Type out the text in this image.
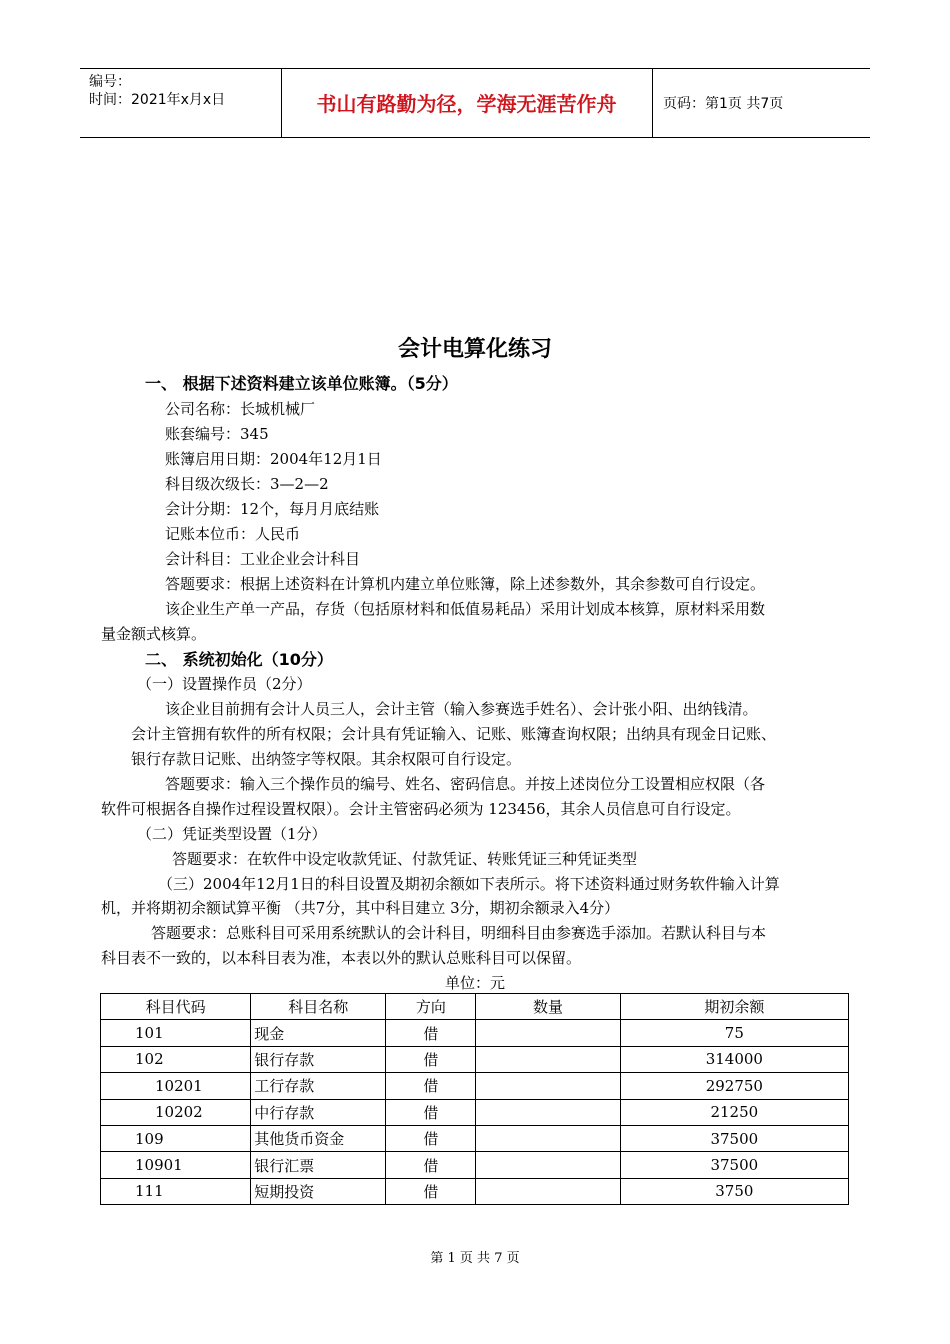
编号：
时间：2021年x月x日	书山有路勤为径，学海无涯苦作舟	页码：第1页 共7页
会计电算化练习
一、 根据下述资料建立该单位账簿。（5分）
公司名称：长城机械厂
账套编号：345
账簿启用日期：2004年12月1日
科目级次级长：3—2—2
会计分期：12个，每月月底结账
记账本位币：人民币
会计科目：工业企业会计科目
答题要求：根据上述资料在计算机内建立单位账簿，除上述参数外，其余参数可自行设定。
该企业生产单一产品，存货（包括原材料和低值易耗品）采用计划成本核算，原材料采用数
量金额式核算。
二、 系统初始化（10分）
（一）设置操作员（2分）
该企业目前拥有会计人员三人，会计主管（输入参赛选手姓名）、会计张小阳、出纳钱清。
会计主管拥有软件的所有权限；会计具有凭证输入、记账、账簿查询权限；出纳具有现金日记账、
银行存款日记账、出纳签字等权限。其余权限可自行设定。
答题要求：输入三个操作员的编号、姓名、密码信息。并按上述岗位分工设置相应权限（各
软件可根据各自操作过程设置权限）。会计主管密码必须为 123456，其余人员信息可自行设定。
（二）凭证类型设置（1分）
答题要求：在软件中设定收款凭证、付款凭证、转账凭证三种凭证类型
（三）2004年12月1日的科目设置及期初余额如下表所示。将下述资料通过财务软件输入计算
机，并将期初余额试算平衡 （共7分，其中科目建立 3分，期初余额录入4分）
答题要求：总账科目可采用系统默认的会计科目，明细科目由参赛选手添加。若默认科目与本
科目表不一致的，以本科目表为准，本表以外的默认总账科目可以保留。
单位：元
科目代码	科目名称	方向	数量	期初余额
101	现金	借		75
102	银行存款	借		314000
10201	工行存款	借		292750
10202	中行存款	借		21250
109	其他货币资金	借		37500
10901	银行汇票	借		37500
111	短期投资	借		3750
第 1 页 共 7 页
